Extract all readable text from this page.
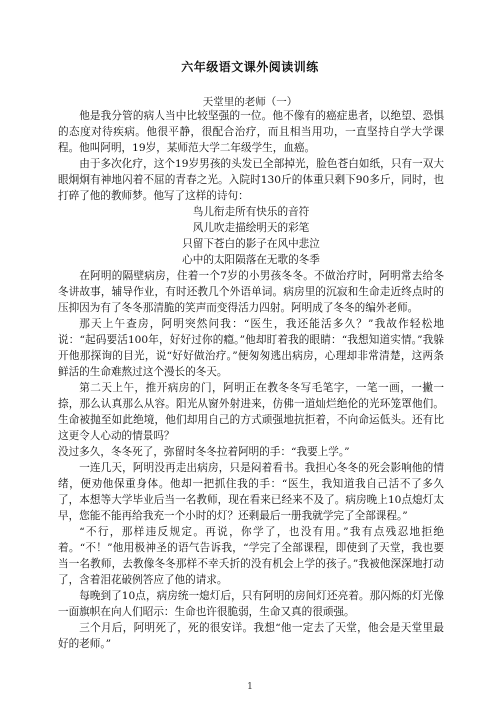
六年级语文课外阅读训练
天堂里的老师（一）

他是我分管的病人当中比较坚强的一位。他不像有的癌症患者，以绝望、恐惧的态度对待疾病。他很平静，很配合治疗，而且相当用功，一直坚持自学大学课程。他叫阿明，19岁，某师范大学二年级学生，血癌。

由于多次化疗，这个19岁男孩的头发已全部掉光，脸色苍白如纸，只有一双大眼炯炯有神地闪着不屈的青春之光。入院时130斤的体重只剩下90多斤，同时，也打碎了他的教师梦。他写了这样的诗句：

鸟儿衔走所有快乐的音符

风儿吹走描绘明天的彩笔

只留下苍白的影子在风中悲泣

心中的太阳陨落在无歌的冬季

在阿明的隔壁病房，住着一个7岁的小男孩冬冬。不做治疗时，阿明常去给冬冬讲故事，辅导作业，有时还教几个外语单词。病房里的沉寂和生命走近终点时的压抑因为有了冬冬那清脆的笑声而变得活力四射。阿明成了冬冬的编外老师。

那天上午查房，阿明突然问我：“医生，我还能活多久？”我故作轻松地说：“起码要活100年，好好过你的瘾。”他却盯着我的眼睛：“我想知道实情。”我躲开他那探询的目光，说“好好做治疗。”便匆匆逃出病房，心理却非常清楚，这两条鲜活的生命难熬过这个漫长的冬天。

第二天上午，推开病房的门，阿明正在教冬冬写毛笔字，一笔一画，一撇一捺，那么认真那么从容。阳光从窗外射进来，仿佛一道灿烂绝伦的光环笼罩他们。生命被抛至如此绝境，他们却用自己的方式顽强地抗拒着，不向命运低头。还有比这更令人心动的情景吗？

没过多久，冬冬死了，弥留时冬冬拉着阿明的手：“我要上学。”

一连几天，阿明没再走出病房，只是闷着看书。我担心冬冬的死会影响他的情绪，便劝他保重身体。他却一把抓住我的手：“医生，我知道我自己活不了多久了，本想等大学毕业后当一名教师，现在看来已经来不及了。病房晚上10点熄灯太早，您能不能再给我充一个小时的灯？还剩最后一册我就学完了全部课程。”

“不行，那样违反规定。再说，你学了，也没有用。”我有点残忍地拒绝着。“不！”他用极神圣的语气告诉我，“学完了全部课程，即使到了天堂，我也要当一名教师，去教像冬冬那样不幸夭折的没有机会上学的孩子。”我被他深深地打动了，含着泪花破例答应了他的请求。

每晚到了10点，病房统一熄灯后，只有阿明的房间灯还亮着。那闪烁的灯光像一面旗帜在向人们昭示：生命也许很脆弱，生命又真的很顽强。

三个月后，阿明死了，死的很安详。我想“他一定去了天堂，他会是天堂里最好的老师。”

1
